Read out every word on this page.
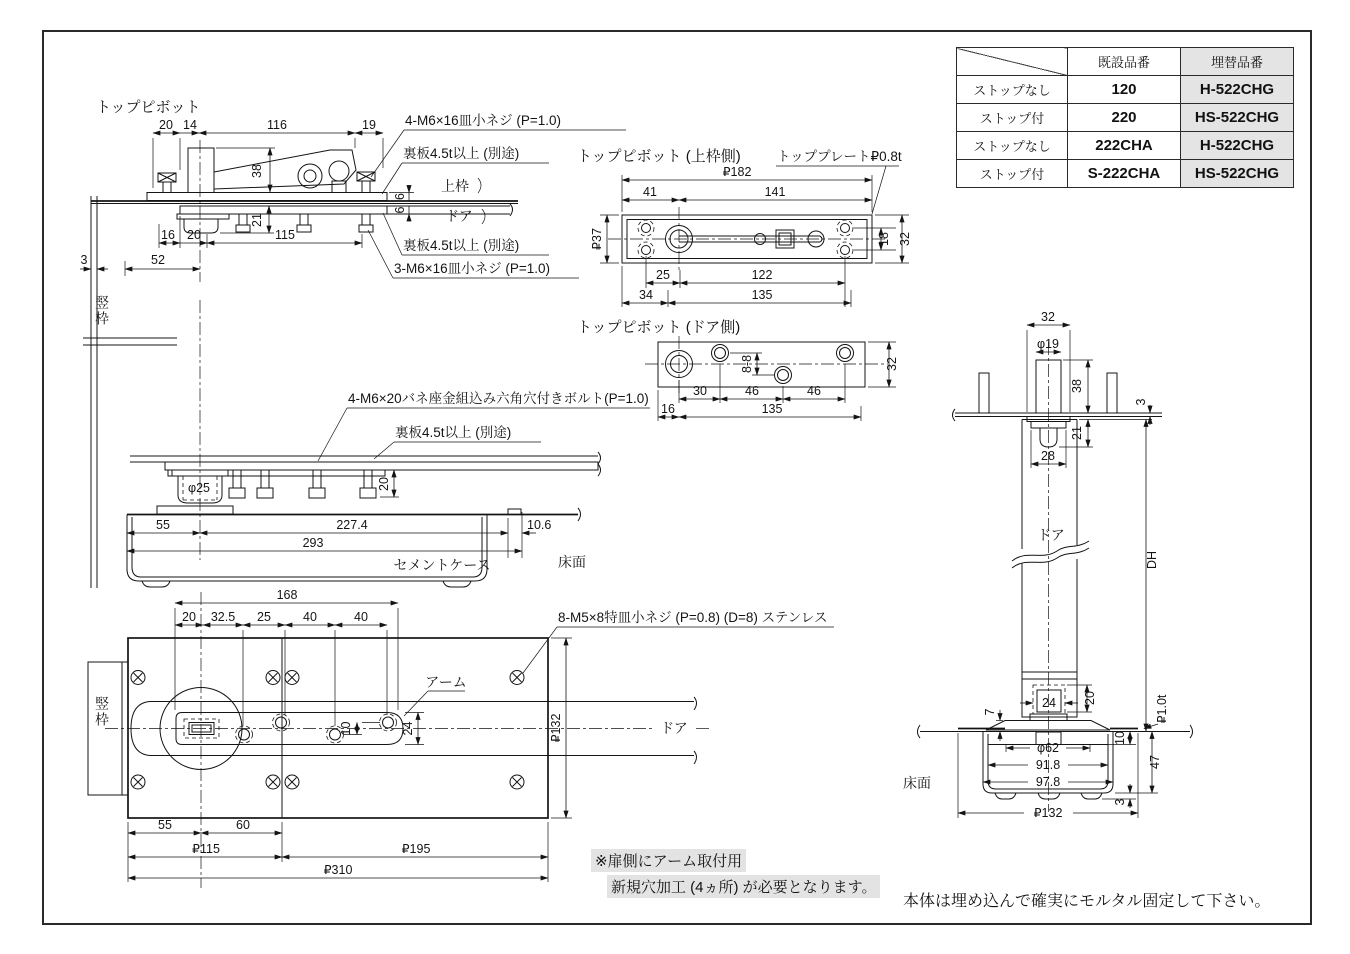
20 14	116	19
38
21
6
6
16 20	115
3	52
トップピボット
4-M6×16皿小ネジ (P=1.0)
裏板4.5t以上 (別途)
上枠
ドア
裏板4.5t以上 (別途)
3-M6×16皿小ネジ (P=1.0)
トップピボット (上枠側)	トッププレート₽0.8t
₽182
41	141
₽37	18 32
25	122
34	135
トップピボット (ドア側)
8-8	32
30	46	46
16	135
φ25	20
55	227.4	10.6
293
セメントケース	床面
4-M6×20バネ座金組込み六角穴付きボルト(P=1.0)
裏板4.5t以上 (別途)
168
20 32.5 25	40	40	8-M5×8特皿小ネジ (P=0.8) (D=8) ステンレス
アーム
10	24	₽132	ドア
55	60
₽115	₽195
₽310
ドア
32
φ19
38
21
3
28
DH
24 20
7	₽1.0t
φ62
91.8
97.8
₽132
10
47
3
床面
	既設品番	埋替品番
ストップなし	120	H-522CHG
ストップ付	220	HS-522CHG
ストップなし	222CHA	H-522CHG
ストップ付	S-222CHA	HS-522CHG
竪枠
竪枠
※扉側にアーム取付用
新規穴加工 (4ヵ所) が必要となります。
本体は埋め込んで確実にモルタル固定して下さい。
